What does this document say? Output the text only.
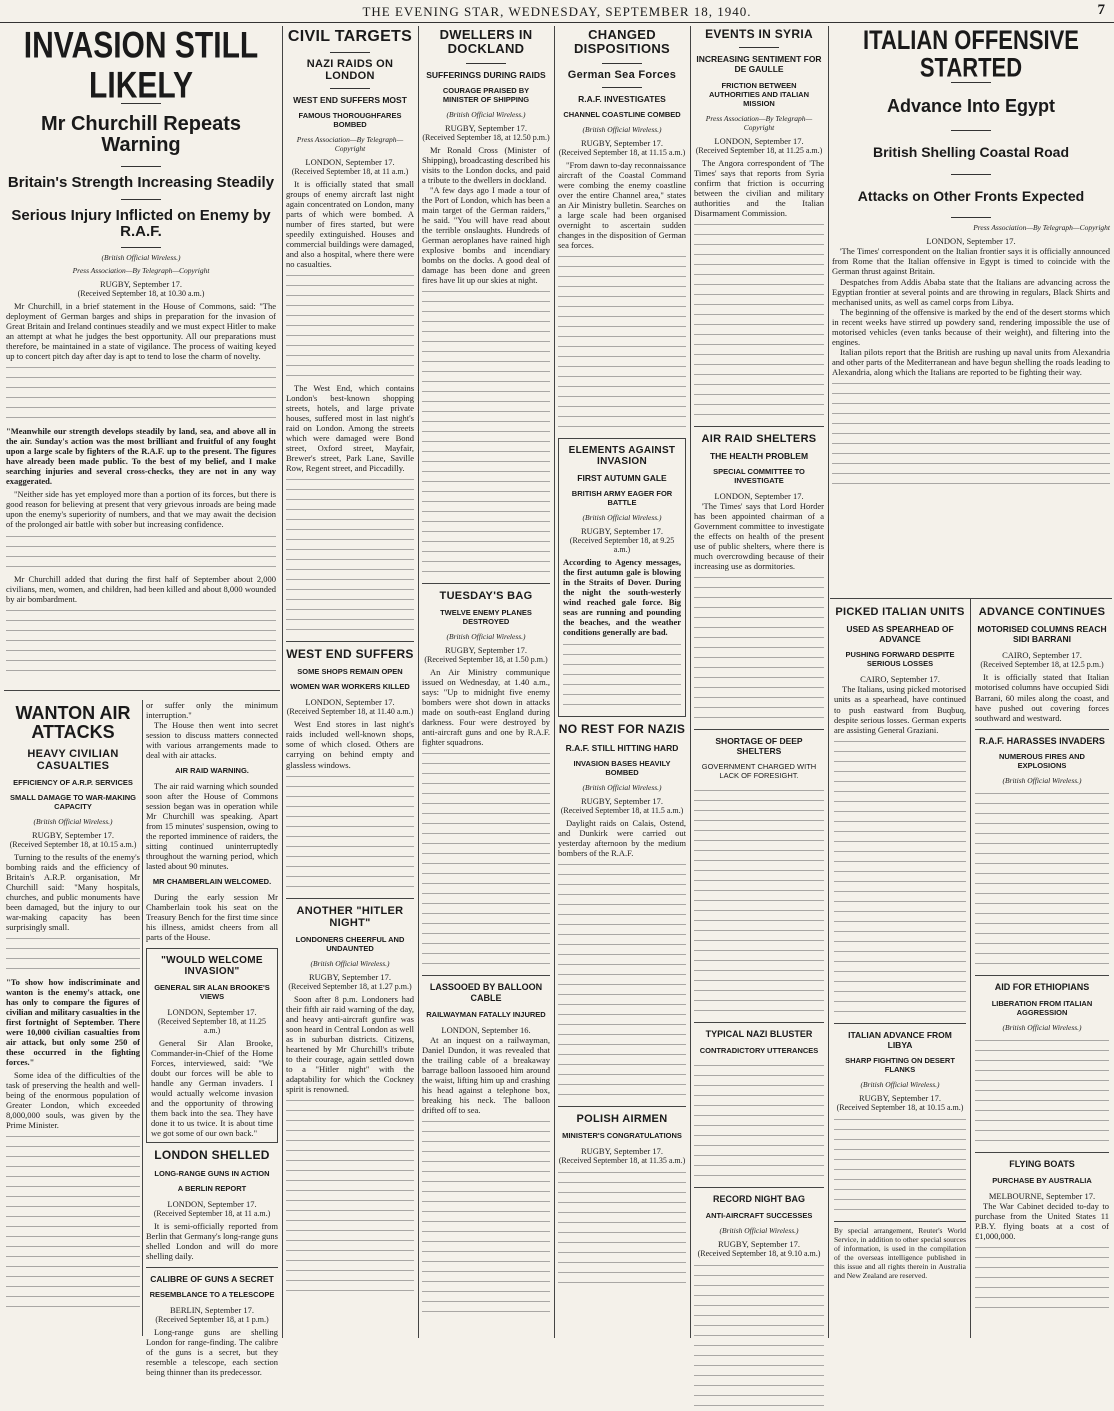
THE EVENING STAR, WEDNESDAY, SEPTEMBER 18, 1940.	7
INVASION STILL LIKELY
Mr Churchill Repeats Warning
Britain's Strength Increasing Steadily
Serious Injury Inflicted on Enemy by R.A.F.

(British Official Wireless.)

Press Association—By Telegraph—Copyright

RUGBY, September 17.

(Received September 18, at 10.30 a.m.)

Mr Churchill, in a brief statement in the House of Commons, said: "The deployment of German barges and ships in preparation for the invasion of Great Britain and Ireland continues steadily and we must expect Hitler to make an attempt at what he judges the best opportunity. All our preparations must therefore, be maintained in a state of vigilance. The process of waiting keyed up to concert pitch day after day is apt to tend to lose the charm of novelty.

"Meanwhile our strength develops steadily by land, sea, and above all in the air. Sunday's action was the most brilliant and fruitful of any fought upon a large scale by fighters of the R.A.F. up to the present. The figures have already been made public. To the best of my belief, and I make searching injuries and several cross-checks, they are not in any way exaggerated.

"Neither side has yet employed more than a portion of its forces, but there is good reason for believing at present that very grievous inroads are being made upon the enemy's superiority of numbers, and that we may await the decision of the prolonged air battle with sober but increasing confidence.

Mr Churchill added that during the first half of September about 2,000 civilians, men, women, and children, had been killed and about 8,000 wounded by air bombardment.

WANTON AIR ATTACKS

HEAVY CIVILIAN CASUALTIES

EFFICIENCY OF A.R.P. SERVICES

SMALL DAMAGE TO WAR-MAKING CAPACITY

(British Official Wireless.)

RUGBY, September 17.

(Received September 18, at 10.15 a.m.)

Turning to the results of the enemy's bombing raids and the efficiency of Britain's A.R.P. organisation, Mr Churchill said: "Many hospitals, churches, and public monuments have been damaged, but the injury to our war-making capacity has been surprisingly small.

"To show how indiscriminate and wanton is the enemy's attack, one has only to compare the figures of civilian and military casualties in the first fortnight of September. There were 10,000 civilian casualties from air attack, but only some 250 of these occurred in the fighting forces."

Some idea of the difficulties of the task of preserving the health and well-being of the enormous population of Greater London, which exceeded 8,000,000 souls, was given by the Prime Minister.

or suffer only the minimum interruption."

The House then went into secret session to discuss matters connected with various arrangements made to deal with air attacks.

AIR RAID WARNING.

The air raid warning which sounded soon after the House of Commons session began was in operation while Mr Churchill was speaking. Apart from 15 minutes' suspension, owing to the reported imminence of raiders, the sitting continued uninterruptedly throughout the warning period, which lasted about 90 minutes.

MR CHAMBERLAIN WELCOMED.

During the early session Mr Chamberlain took his seat on the Treasury Bench for the first time since his illness, amidst cheers from all parts of the House.

"WOULD WELCOME INVASION"

GENERAL SIR ALAN BROOKE'S VIEWS

LONDON, September 17.

(Received September 18, at 11.25 a.m.)

General Sir Alan Brooke, Commander-in-Chief of the Home Forces, interviewed, said: "We doubt our forces will be able to handle any German invaders. I would actually welcome invasion and the opportunity of throwing them back into the sea. They have done it to us twice. It is about time we got some of our own back."

LONDON SHELLED

LONG-RANGE GUNS IN ACTION

A BERLIN REPORT

LONDON, September 17.

(Received September 18, at 11 a.m.)

It is semi-officially reported from Berlin that Germany's long-range guns shelled London and will do more shelling daily.

CALIBRE OF GUNS A SECRET

RESEMBLANCE TO A TELESCOPE

BERLIN, September 17.

(Received September 18, at 1 p.m.)

Long-range guns are shelling London for range-finding. The calibre of the guns is a secret, but they resemble a telescope, each section being thinner than its predecessor.

CIVIL TARGETS

NAZI RAIDS ON LONDON

WEST END SUFFERS MOST

FAMOUS THOROUGHFARES BOMBED

Press Association—By Telegraph—Copyright

LONDON, September 17.

(Received September 18, at 11 a.m.)

It is officially stated that small groups of enemy aircraft last night again concentrated on London, many parts of which were bombed. A number of fires started, but were speedily extinguished. Houses and commercial buildings were damaged, and also a hospital, where there were no casualties.

The West End, which contains London's best-known shopping streets, hotels, and large private houses, suffered most in last night's raid on London. Among the streets which were damaged were Bond street, Oxford street, Mayfair, Brewer's street, Park Lane, Saville Row, Regent street, and Piccadilly.

WEST END SUFFERS

SOME SHOPS REMAIN OPEN

WOMEN WAR WORKERS KILLED

LONDON, September 17.

(Received September 18, at 11.40 a.m.)

West End stores in last night's raids included well-known shops, some of which closed. Others are carrying on behind empty and glassless windows.

ANOTHER "HITLER NIGHT"

LONDONERS CHEERFUL AND UNDAUNTED

(British Official Wireless.)

RUGBY, September 17.

(Received September 18, at 1.27 p.m.)

Soon after 8 p.m. Londoners had their fifth air raid warning of the day, and heavy anti-aircraft gunfire was soon heard in Central London as well as in suburban districts. Citizens, heartened by Mr Churchill's tribute to their courage, again settled down to a "Hitler night" with the adaptability for which the Cockney spirit is renowned.

DWELLERS IN DOCKLAND

SUFFERINGS DURING RAIDS

COURAGE PRAISED BY MINISTER OF SHIPPING

(British Official Wireless.)

RUGBY, September 17.

(Received September 18, at 12.50 p.m.)

Mr Ronald Cross (Minister of Shipping), broadcasting described his visits to the London docks, and paid a tribute to the dwellers in dockland.

"A few days ago I made a tour of the Port of London, which has been a main target of the German raiders," he said. "You will have read about the terrible onslaughts. Hundreds of German aeroplanes have rained high explosive bombs and incendiary bombs on the docks. A good deal of damage has been done and green fires have lit up our skies at night.

TUESDAY'S BAG

TWELVE ENEMY PLANES DESTROYED

(British Official Wireless.)

RUGBY, September 17.

(Received September 18, at 1.50 p.m.)

An Air Ministry communique issued on Wednesday, at 1.40 a.m., says: "Up to midnight five enemy bombers were shot down in attacks made on south-east England during darkness. Four were destroyed by anti-aircraft guns and one by R.A.F. fighter squadrons.

LASSOOED BY BALLOON CABLE

RAILWAYMAN FATALLY INJURED

LONDON, September 16.

At an inquest on a railwayman, Daniel Dundon, it was revealed that the trailing cable of a breakaway barrage balloon lassooed him around the waist, lifting him up and crashing his head against a telephone box, breaking his neck. The balloon drifted off to sea.

CHANGED DISPOSITIONS

German Sea Forces

R.A.F. INVESTIGATES

CHANNEL COASTLINE COMBED

(British Official Wireless.)

RUGBY, September 17.

(Received September 18, at 11.15 a.m.)

"From dawn to-day reconnaissance aircraft of the Coastal Command were combing the enemy coastline over the entire Channel area," states an Air Ministry bulletin. Searches on a large scale had been organised overnight to ascertain sudden changes in the disposition of German sea forces.

ELEMENTS AGAINST INVASION

FIRST AUTUMN GALE

BRITISH ARMY EAGER FOR BATTLE

(British Official Wireless.)

RUGBY, September 17.

(Received September 18, at 9.25 a.m.)

According to Agency messages, the first autumn gale is blowing in the Straits of Dover. During the night the south-westerly wind reached gale force. Big seas are running and pounding the beaches, and the weather conditions generally are bad.

NO REST FOR NAZIS

R.A.F. STILL HITTING HARD

INVASION BASES HEAVILY BOMBED

(British Official Wireless.)

RUGBY, September 17.

(Received September 18, at 11.5 a.m.)

Daylight raids on Calais, Ostend, and Dunkirk were carried out yesterday afternoon by the medium bombers of the R.A.F.

POLISH AIRMEN

MINISTER'S CONGRATULATIONS

RUGBY, September 17.

(Received September 18, at 11.35 a.m.)

EVENTS IN SYRIA

INCREASING SENTIMENT FOR DE GAULLE

FRICTION BETWEEN AUTHORITIES AND ITALIAN MISSION

Press Association—By Telegraph—Copyright

LONDON, September 17.

(Received September 18, at 11.25 a.m.)

The Angora correspondent of 'The Times' says that reports from Syria confirm that friction is occurring between the civilian and military authorities and the Italian Disarmament Commission.

AIR RAID SHELTERS

THE HEALTH PROBLEM

SPECIAL COMMITTEE TO INVESTIGATE

LONDON, September 17.

'The Times' says that Lord Horder has been appointed chairman of a Government committee to investigate the effects on health of the present use of public shelters, where there is much overcrowding because of their increasing use as dormitories.

SHORTAGE OF DEEP SHELTERS

GOVERNMENT CHARGED WITH LACK OF FORESIGHT.

TYPICAL NAZI BLUSTER

CONTRADICTORY UTTERANCES

RECORD NIGHT BAG

ANTI-AIRCRAFT SUCCESSES

(British Official Wireless.)

RUGBY, September 17.

(Received September 18, at 9.10 a.m.)

ITALIAN OFFENSIVE STARTED
Advance Into Egypt
British Shelling Coastal Road
Attacks on Other Fronts Expected

Press Association—By Telegraph—Copyright

LONDON, September 17.

'The Times' correspondent on the Italian frontier says it is officially announced from Rome that the Italian offensive in Egypt is timed to coincide with the German thrust against Britain.

Despatches from Addis Ababa state that the Italians are advancing across the Egyptian frontier at several points and are throwing in regulars, Black Shirts and mechanised units, as well as camel corps from Libya.

The beginning of the offensive is marked by the end of the desert storms which in recent weeks have stirred up powdery sand, rendering impossible the use of motorised vehicles (even tanks because of their weight), and filtering into the engines.

Italian pilots report that the British are rushing up naval units from Alexandria and other parts of the Mediterranean and have begun shelling the roads leading to Alexandria, along which the Italians are reported to be fighting their way.

PICKED ITALIAN UNITS

USED AS SPEARHEAD OF ADVANCE

PUSHING FORWARD DESPITE SERIOUS LOSSES

CAIRO, September 17.

The Italians, using picked motorised units as a spearhead, have continued to push eastward from Buqbuq, despite serious losses. German experts are assisting General Graziani.

ITALIAN ADVANCE FROM LIBYA

SHARP FIGHTING ON DESERT FLANKS

(British Official Wireless.)

RUGBY, September 17.

(Received September 18, at 10.15 a.m.)

By special arrangement, Reuter's World Service, in addition to other special sources of information, is used in the compilation of the overseas intelligence published in this issue and all rights therein in Australia and New Zealand are reserved.

ADVANCE CONTINUES

MOTORISED COLUMNS REACH SIDI BARRANI

CAIRO, September 17.

(Received September 18, at 12.5 p.m.)

It is officially stated that Italian motorised columns have occupied Sidi Barrani, 60 miles along the coast, and have pushed out covering forces southward and westward.

R.A.F. HARASSES INVADERS

NUMEROUS FIRES AND EXPLOSIONS

(British Official Wireless.)

AID FOR ETHIOPIANS

LIBERATION FROM ITALIAN AGGRESSION

(British Official Wireless.)

FLYING BOATS

PURCHASE BY AUSTRALIA

MELBOURNE, September 17.

The War Cabinet decided to-day to purchase from the United States 11 P.B.Y. flying boats at a cost of £1,000,000.
